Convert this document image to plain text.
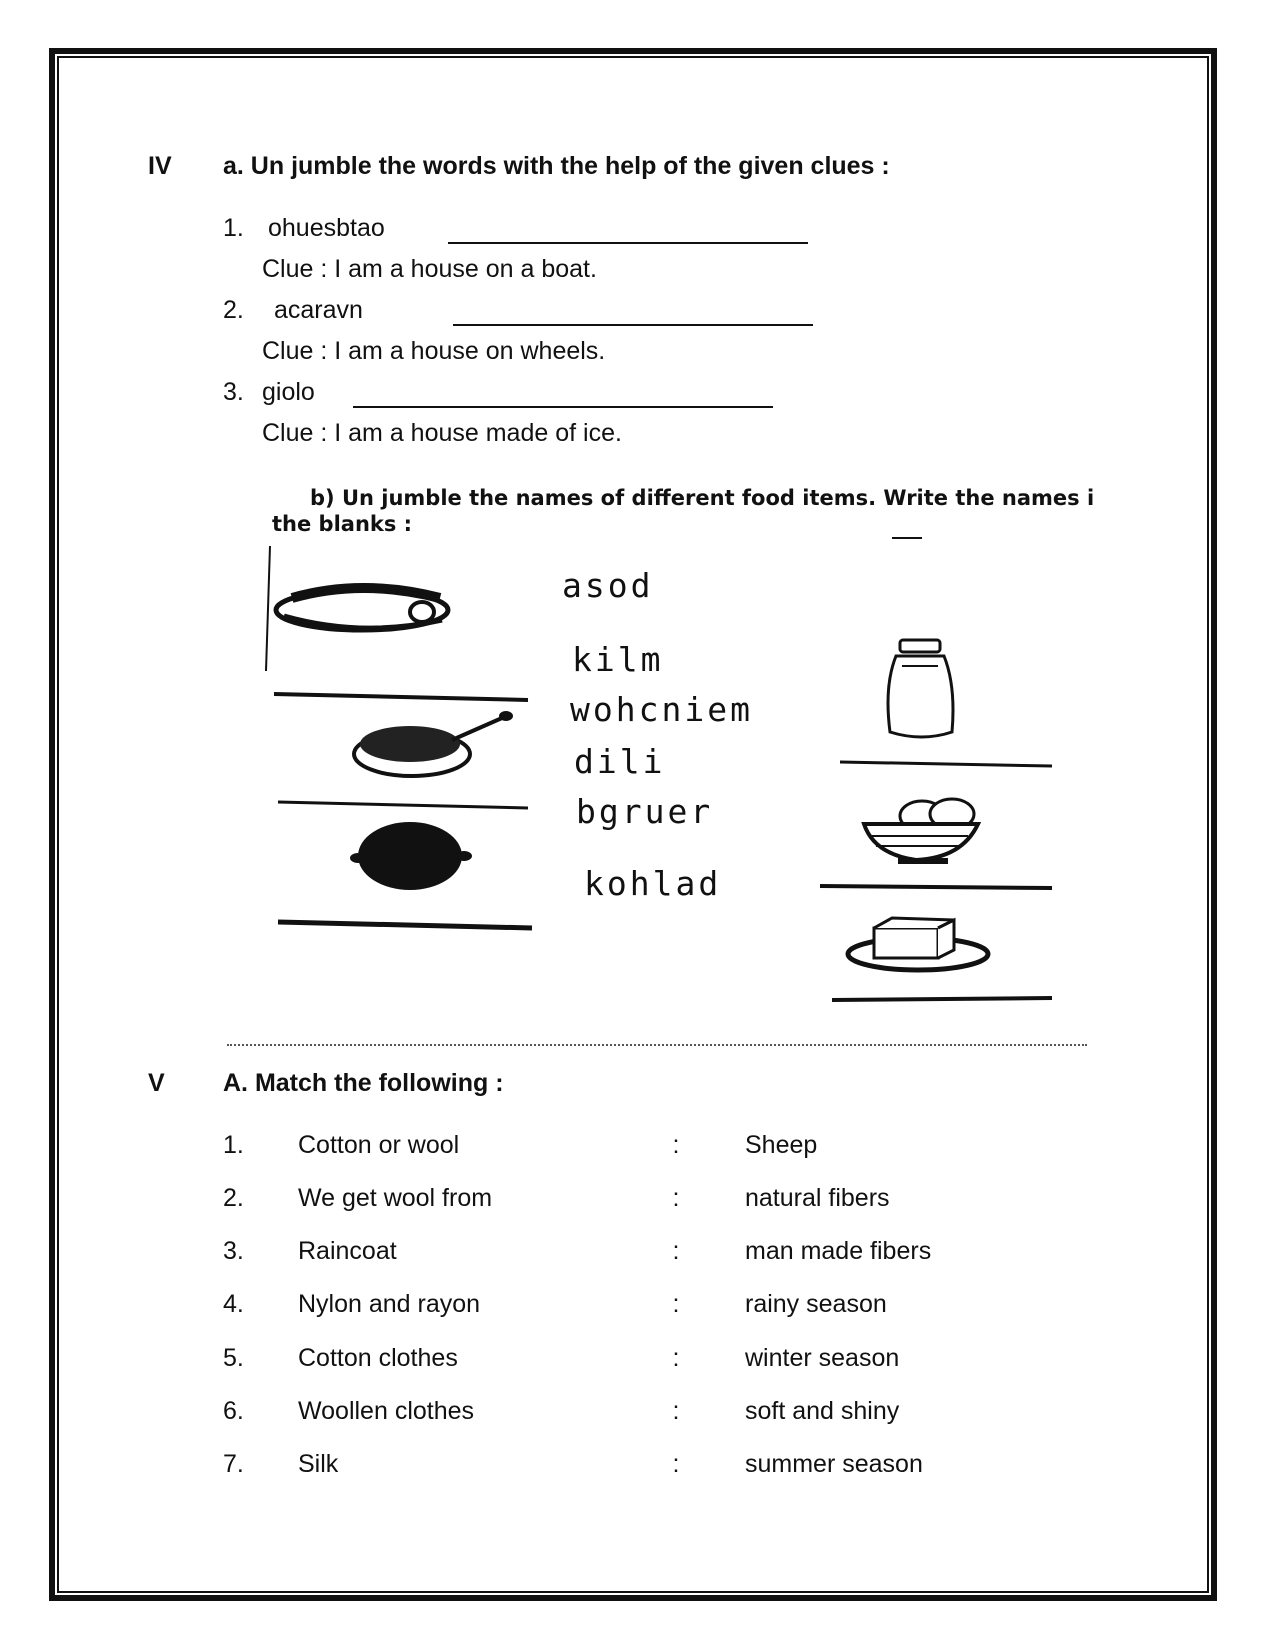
IV a. Un jumble the words with the help of the given clues :
1. ohuesbtao
Clue : I am a house on a boat.
2. acaravn
Clue : I am a house on wheels.
3. giolo
Clue : I am a house made of ice.
b) Un jumble the names of different food items. Write the names i
the blanks :
asod
kilm
wohcniem
dili
bgruer
kohlad
V A. Match the following :
1. Cotton or wool	:	Sheep
2. We get wool from	:	natural fibers
3. Raincoat	:	man made fibers
4. Nylon and rayon	:	rainy season
5. Cotton clothes	:	winter season
6. Woollen clothes	:	soft and shiny
7. Silk	:	summer season
